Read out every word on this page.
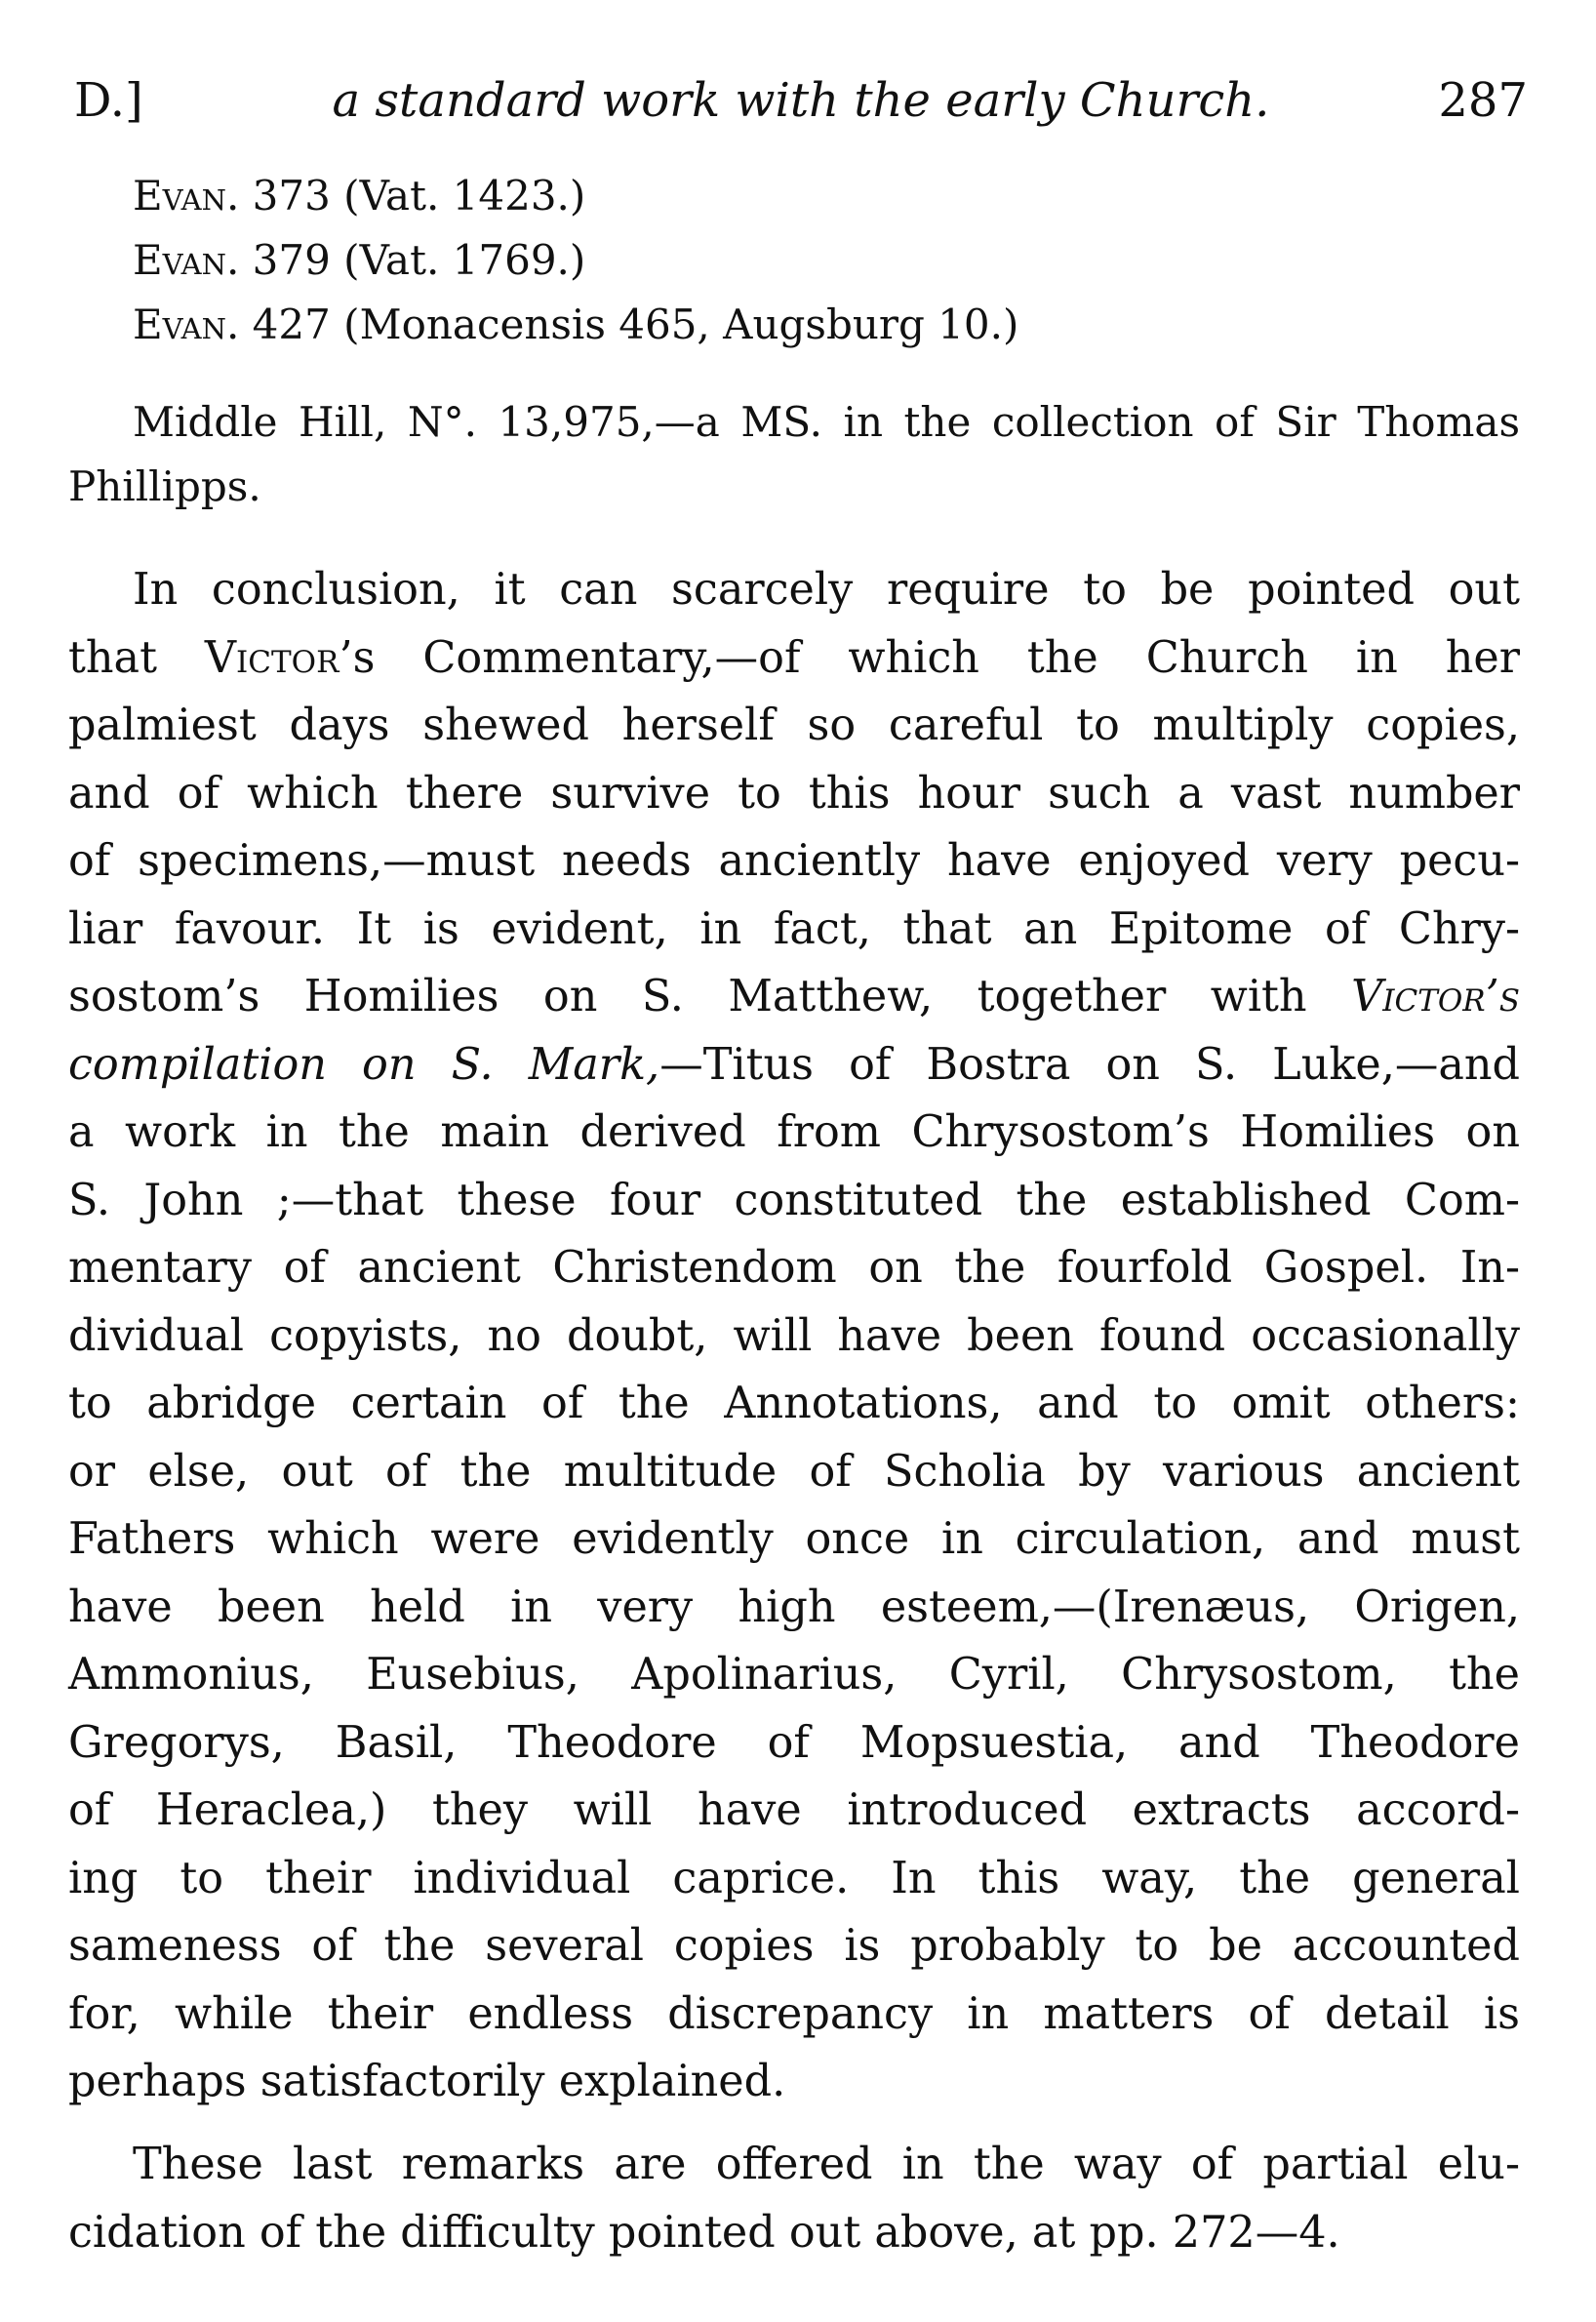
D.]	a standard work with the early Church.	287
Evan. 373 (Vat. 1423.)
Evan. 379 (Vat. 1769.)
Evan. 427 (Monacensis 465, Augsburg 10.)

Middle Hill, N°. 13,975,—a MS. in the collection of Sir Thomas
Phillipps.

In conclusion, it can scarcely require to be pointed out
that Victor’s Commentary,—of which the Church in her
palmiest days shewed herself so careful to multiply copies,
and of which there survive to this hour such a vast number
of specimens,—must needs anciently have enjoyed very pecu-
liar favour. It is evident, in fact, that an Epitome of Chry-
sostom’s Homilies on S. Matthew, together with Victor’s
compilation on S. Mark,—Titus of Bostra on S. Luke,—and
a work in the main derived from Chrysostom’s Homilies on
S. John ;—that these four constituted the established Com-
mentary of ancient Christendom on the fourfold Gospel. In-
dividual copyists, no doubt, will have been found occasionally
to abridge certain of the Annotations, and to omit others:
or else, out of the multitude of Scholia by various ancient
Fathers which were evidently once in circulation, and must
have been held in very high esteem,—(Irenæus, Origen,
Ammonius, Eusebius, Apolinarius, Cyril, Chrysostom, the
Gregorys, Basil, Theodore of Mopsuestia, and Theodore
of Heraclea,) they will have introduced extracts accord-
ing to their individual caprice. In this way, the general
sameness of the several copies is probably to be accounted
for, while their endless discrepancy in matters of detail is
perhaps satisfactorily explained.

These last remarks are offered in the way of partial elu-
cidation of the difficulty pointed out above, at pp. 272—4.
